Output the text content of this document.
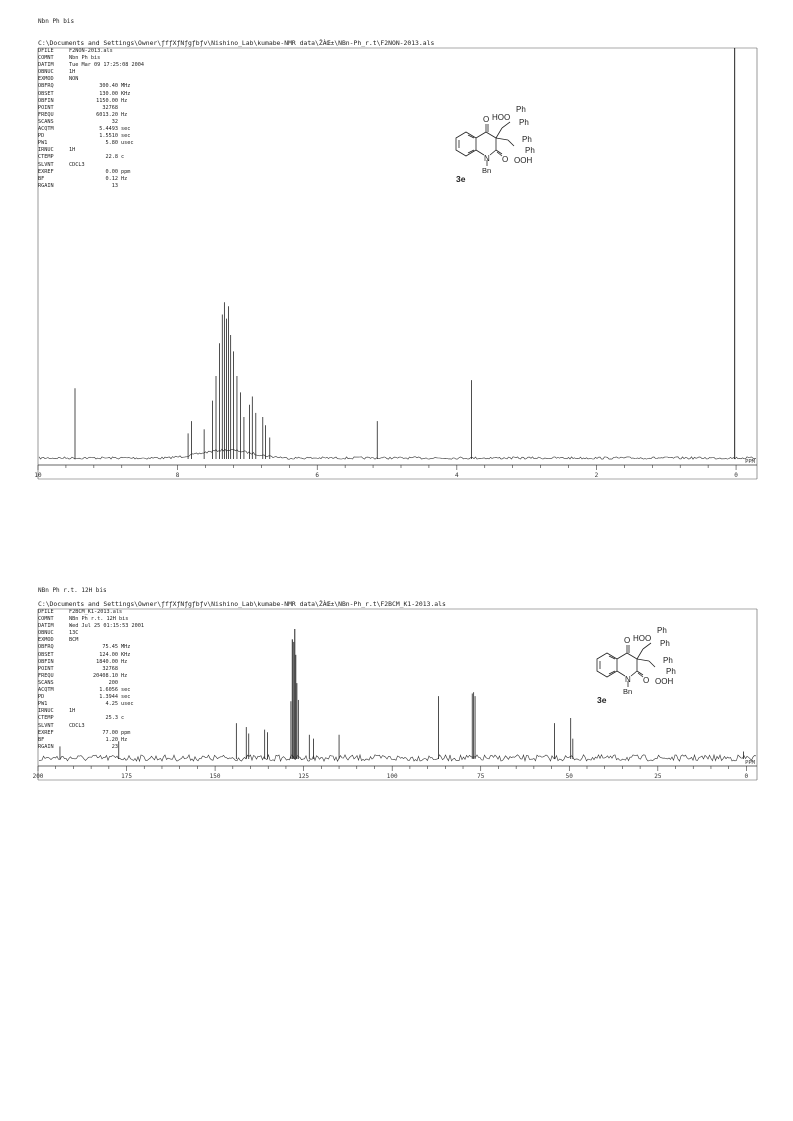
Nbn Ph bis
C:\Documents and Settings\Owner\ƒfƒXƒNƒgƒbƒv\Nishino_Lab\kumabe-NMR data\ŽÀŒ±\NBn-Ph_r.t\F2NON-2013.als
DFILE	F2NON-2013.als
COMNT	Nbn Ph bis
DATIM	Tue Mar 09 17:25:08 2004
OBNUC	1H
EXMOD	NON
OBFRQ	300.40 MHz
OBSET	130.00 KHz
OBFIN	1150.00 Hz
POINT	32768
FREQU	6013.20 Hz
SCANS	32
ACQTM	5.4493 sec
PD	1.5510 sec
PW1	5.80 usec
IRNUC	1H
CTEMP	22.8 c
SLVNT	CDCL3
EXREF	0.00 ppm
BF	0.12 Hz
RGAIN	13
O
N O
Bn
HOO
Ph
Ph
Ph
Ph
OOH
3e
NBn Ph r.t. 12H bis
C:\Documents and Settings\Owner\ƒfƒXƒNƒgƒbƒv\Nishino_Lab\kumabe-NMR data\ŽÀŒ±\NBn-Ph_r.t\F2BCM_K1-2013.als
DFILE	F2BCM_K1-2013.als
COMNT	NBn Ph r.t. 12H bis
DATIM	Wed Jul 25 01:15:53 2001
OBNUC	13C
EXMOD	BCM
OBFRQ	75.45 MHz
OBSET	124.00 KHz
OBFIN	1840.00 Hz
POINT	32768
FREQU	20408.10 Hz
SCANS	200
ACQTM	1.6056 sec
PD	1.3944 sec
PW1	4.25 usec
IRNUC	1H
CTEMP	25.3 c
SLVNT	CDCL3
EXREF	77.00 ppm
BF	1.20 Hz
RGAIN	23
O
N O
Bn
HOO
Ph
Ph
Ph
Ph
OOH
3e
10	8	6	4	2	0
PPM
200	175	150	125	100	75	50	25	0
PPM
